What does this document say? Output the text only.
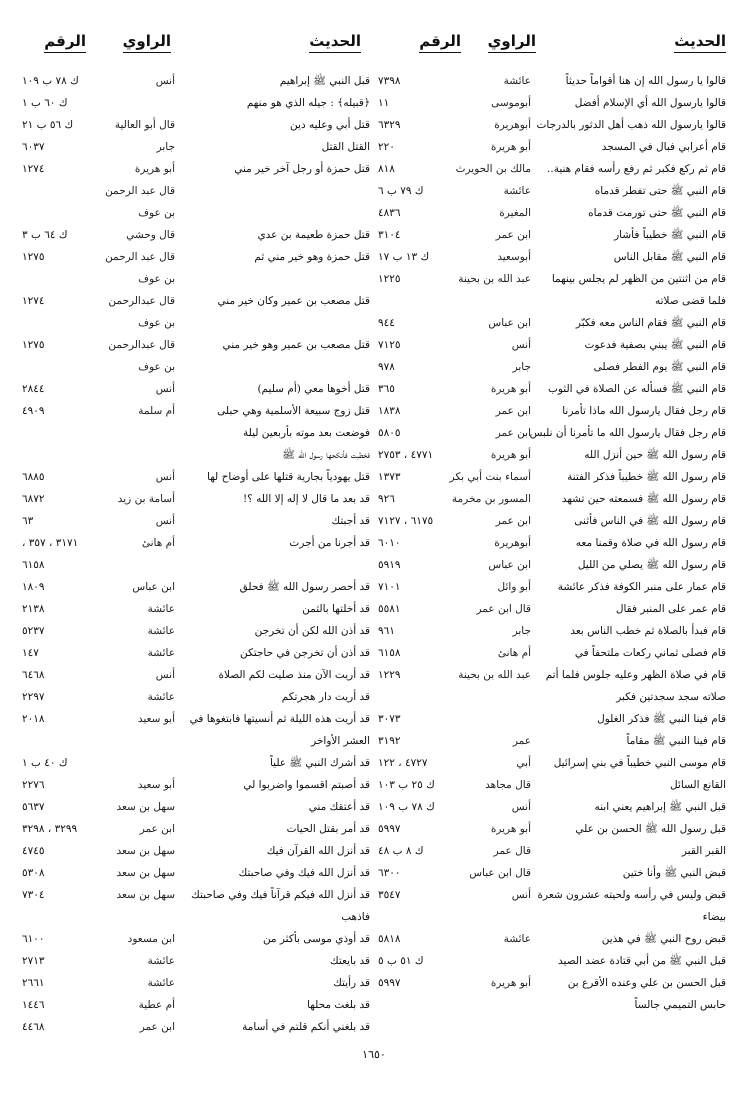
الحديث
الراوي
الرقم
الحديث
الراوي
الرقم
قالوا يا رسول الله إن هنا أقواماً حديثاً
عائشة
٧٣٩٨
قالوا يارسول الله أي الإسلام أفضل
أبوموسى
١١
قالوا يارسول الله ذهب أهل الدثور بالدرجات
أبوهريرة
٦٣٢٩
قام أعرابي فبال في المسجد
أبو هريرة
٢٢٠
قام ثم ركع فكبر ثم رفع رأسه فقام هنية..
مالك بن الحويرث
٨١٨
قام النبي ﷺ حتى تفطر قدماه
عائشة
ك ٧٩ ب ٦
قام النبي ﷺ حتى تورمت قدماه
المغيرة
٤٨٣٦
قام النبي ﷺ خطيباً فأشار
ابن عمر
٣١٠٤
قام النبي ﷺ مقابل الناس
أبوسعيد
ك ١٣ ب ١٧
قام من اثنتين من الظهر لم يجلس بينهما
عبد الله بن بحينة
١٢٢٥
فلما قضى صلاته
قام النبي ﷺ فقام الناس معه فكبّر
ابن عباس
٩٤٤
قام النبي ﷺ يبني بصفية فدعوت
أنس
٧١٢٥
قام النبي ﷺ يوم الفطر فصلى
جابر
٩٧٨
قام النبي ﷺ فسأله عن الصلاة في الثوب
أبو هريرة
٣٦٥
قام رجل فقال يارسول الله ماذا تأمرنا
ابن عمر
١٨٣٨
قام رجل فقال يارسول الله ما تأمرنا أن نلبس
ابن عمر
٥٨٠٥
قام رسول الله ﷺ حين أنزل الله
أبو هريرة
٤٧٧١ ، ٢٧٥٣
قام رسول الله ﷺ خطيباً فذكر الفتنة
أسماء بنت أبي بكر
١٣٧٣
قام رسول الله ﷺ فسمعته حين تشهد
المسور بن مخرمة
٩٢٦
قام رسول الله ﷺ في الناس فأثنى
ابن عمر
٦١٧٥ ، ٧١٢٧
قام رسول الله في صلاة وقمنا معه
أبوهريرة
٦٠١٠
قام رسول الله ﷺ يصلي من الليل
ابن عباس
٥٩١٩
قام عمار على منبر الكوفة فذكر عائشة
أبو وائل
٧١٠١
قام عمر على المنبر فقال
قال ابن عمر
٥٥٨١
قام فبدأ بالصلاة ثم خطب الناس بعد
جابر
٩٦١
قام فصلى ثماني ركعات ملتحفاً في
أم هانئ
٦١٥٨
قام في صلاة الظهر وعليه جلوس فلما أتم
عبد الله بن بحينة
١٢٢٩
صلاته سجد سجدتين فكبر
قام فينا النبي ﷺ فذكر الغلول
٣٠٧٣
قام فينا النبي ﷺ مقاماً
عمر
٣١٩٢
قام موسى النبي خطيباً في بني إسرائيل
أبي
٤٧٢٧ ، ١٢٢
القانع السائل
قال مجاهد
ك ٢٥ ب ١٠٣
قبل النبي ﷺ إبراهيم يعني ابنه
أنس
ك ٧٨ ب ١٠٩
قبل رسول الله ﷺ الحسن بن علي
أبو هريرة
٥٩٩٧
القبر القبر
قال عمر
ك ٨ ب ٤٨
قبض النبي ﷺ وأنا ختين
قال ابن عباس
٦٣٠٠
قبض وليس في رأسه ولحيته عشرون شعرة
أنس
٣٥٤٧
بيضاء
قبض روح النبي ﷺ في هذين
عائشة
٥٨١٨
قبل النبي ﷺ من أبي قتادة عضد الصيد
ك ٥١ ب ٥
قبل الحسن بن علي وعنده الأقرع بن
أبو هريرة
٥٩٩٧
حابس التميمي جالساً
قبل النبي ﷺ إبراهيم
أنس
ك ٧٨ ب ١٠٩
﴿قبيله﴾ : جيله الذي هو منهم
ك ٦٠ ب ١
قتل أبي وعليه دين
قال أبو العالية
ك ٥٦ ب ٢١
القتل القتل
جابر
٦٠٣٧
قتل حمزة أو رجل آخر خير مني
أبو هريرة
١٢٧٤
قال عبد الرحمن
بن عوف
قتل حمزة طعيمة بن عدي
قال وحشي
ك ٦٤ ب ٣
قتل حمزة وهو خير مني ثم
قال عبد الرحمن
١٢٧٥
بن عوف
قتل مصعب بن عمير وكان خير مني
قال عبدالرحمن
١٢٧٤
بن عوف
قتل مصعب بن عمير وهو خير مني
قال عبدالرحمن
١٢٧٥
بن عوف
قتل أخوها معي (أم سليم)
أنس
٢٨٤٤
قتل زوج سبيعة الأسلمية وهي حبلى
أم سلمة
٤٩٠٩
فوضعت بعد موته بأربعين ليلة
فخطبت فأنكحها رسول الله ﷺ
قتل يهودياً بجارية قتلها على أوضاح لها
أنس
٦٨٨٥
قد بعد ما قال لا إله إلا الله ؟!
أسامة بن زيد
٦٨٧٢
قد أجبتك
أنس
٦٣
قد أجرنا من أجرت
أم هانئ
٣١٧١ ، ٣٥٧ ،
٦١٥٨
قد أحصر رسول الله ﷺ فحلق
ابن عباس
١٨٠٩
قد أخلتها بالثمن
عائشة
٢١٣٨
قد أذن الله لكن أن تخرجن
عائشة
٥٢٣٧
قد أذن أن تخرجن في حاجتكن
عائشة
١٤٧
قد أريت الآن منذ صليت لكم الصلاة
أنس
٦٤٦٨
قد أريت دار هجرتكم
عائشة
٢٢٩٧
قد أريت هذه الليلة ثم أنسيتها فابتغوها في
أبو سعيد
٢٠١٨
العشر الأواخر
قد أشرك النبي ﷺ علياً
ك ٤٠ ب ١
قد أصبتم اقسموا واضربوا لي
أبو سعيد
٢٢٧٦
قد أعتقك مني
سهل بن سعد
٥٦٣٧
قد أمر بقتل الحيات
ابن عمر
٣٢٩٩ ، ٣٢٩٨
قد أنزل الله القرآن فيك
سهل بن سعد
٤٧٤٥
قد أنزل الله فيك وفي صاحبتك
سهل بن سعد
٥٣٠٨
قد أنزل الله فيكم قرآناً فيك وفي صاحبتك
سهل بن سعد
٧٣٠٤
فاذهب
قد أوذي موسى بأكثر من
ابن مسعود
٦١٠٠
قد بايعتك
عائشة
٢٧١٣
قد رأيتك
عائشة
٢٦٦١
قد بلغت محلها
أم عطية
١٤٤٦
قد بلغني أنكم قلتم في أسامة
ابن عمر
٤٤٦٨
١٦٥٠
